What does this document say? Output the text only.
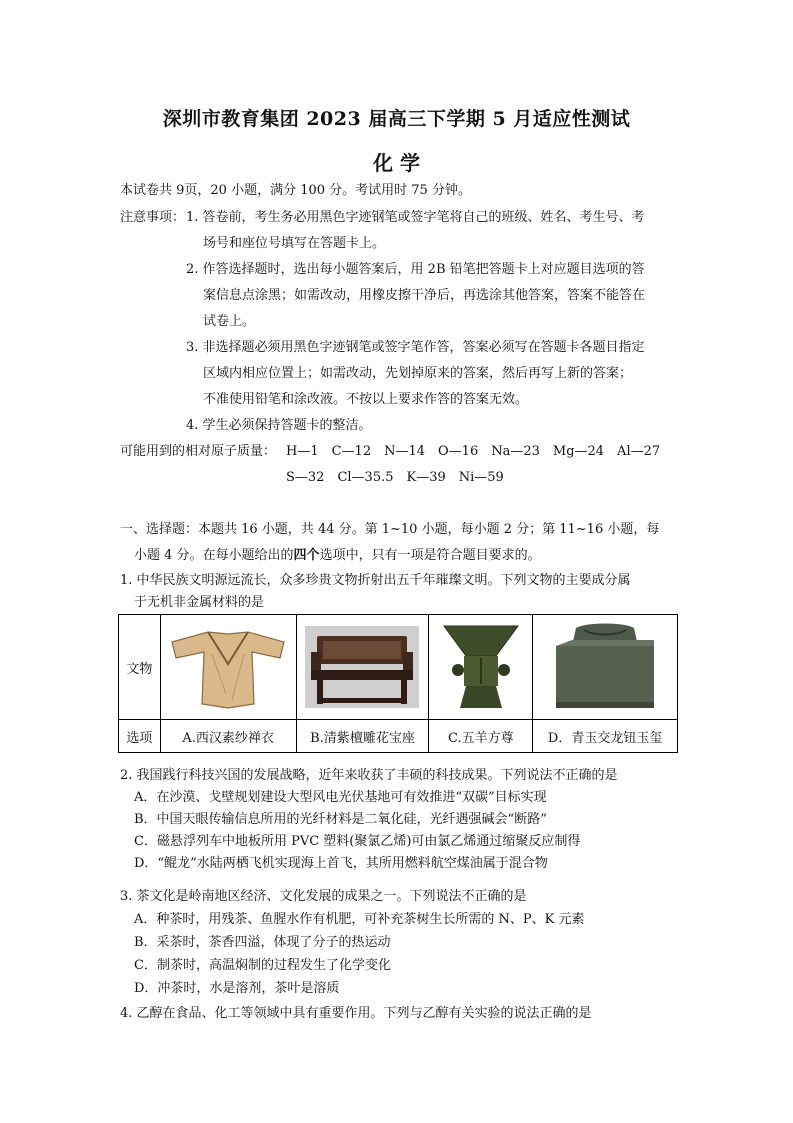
深圳市教育集团 2023 届高三下学期 5 月适应性测试
化 学
本试卷共 9页，20 小题，满分 100 分。考试用时 75 分钟。
注意事项： 1. 答卷前，考生务必用黑色字迹钢笔或签字笔将自己的班级、姓名、考生号、考
场号和座位号填写在答题卡上。
2. 作答选择题时，选出每小题答案后，用 2B 铅笔把答题卡上对应题目选项的答
案信息点涂黑；如需改动，用橡皮擦干净后，再选涂其他答案，答案不能答在
试卷上。
3. 非选择题必须用黑色字迹钢笔或签字笔作答，答案必须写在答题卡各题目指定
区域内相应位置上；如需改动，先划掉原来的答案，然后再写上新的答案；
不准使用铅笔和涂改液。不按以上要求作答的答案无效。
4. 学生必须保持答题卡的整洁。
可能用到的相对原子质量： H—1　C—12　N—14　O—16　Na—23　Mg—24　Al—27
S—32　Cl—35.5　K—39　Ni—59
一、选择题：本题共 16 小题，共 44 分。第 1~10 小题，每小题 2 分；第 11~16 小题，每
小题 4 分。在每小题给出的四个选项中，只有一项是符合题目要求的。
1. 中华民族文明源远流长，众多珍贵文物折射出五千年璀璨文明。下列文物的主要成分属
于无机非金属材料的是
文物	

选项	A.西汉素纱禅衣	B.清紫檀雕花宝座	C.五羊方尊	D．青玉交龙钮玉玺
2. 我国践行科技兴国的发展战略，近年来收获了丰硕的科技成果。下列说法不正确的是
A．在沙漠、戈壁规划建设大型风电光伏基地可有效推进“双碳”目标实现
B．中国天眼传输信息所用的光纤材料是二氧化硅，光纤遇强碱会“断路”
C．磁悬浮列车中地板所用 PVC 塑料(聚氯乙烯)可由氯乙烯通过缩聚反应制得
D．“鲲龙”水陆两栖飞机实现海上首飞，其所用燃料航空煤油属于混合物
3. 茶文化是岭南地区经济、文化发展的成果之一。下列说法不正确的是
A．种茶时，用残茶、鱼腥水作有机肥，可补充茶树生长所需的 N、P、K 元素
B．采茶时，茶香四溢，体现了分子的热运动
C．制茶时，高温焖制的过程发生了化学变化
D．冲茶时，水是溶剂，茶叶是溶质
4. 乙醇在食品、化工等领域中具有重要作用。下列与乙醇有关实验的说法正确的是
